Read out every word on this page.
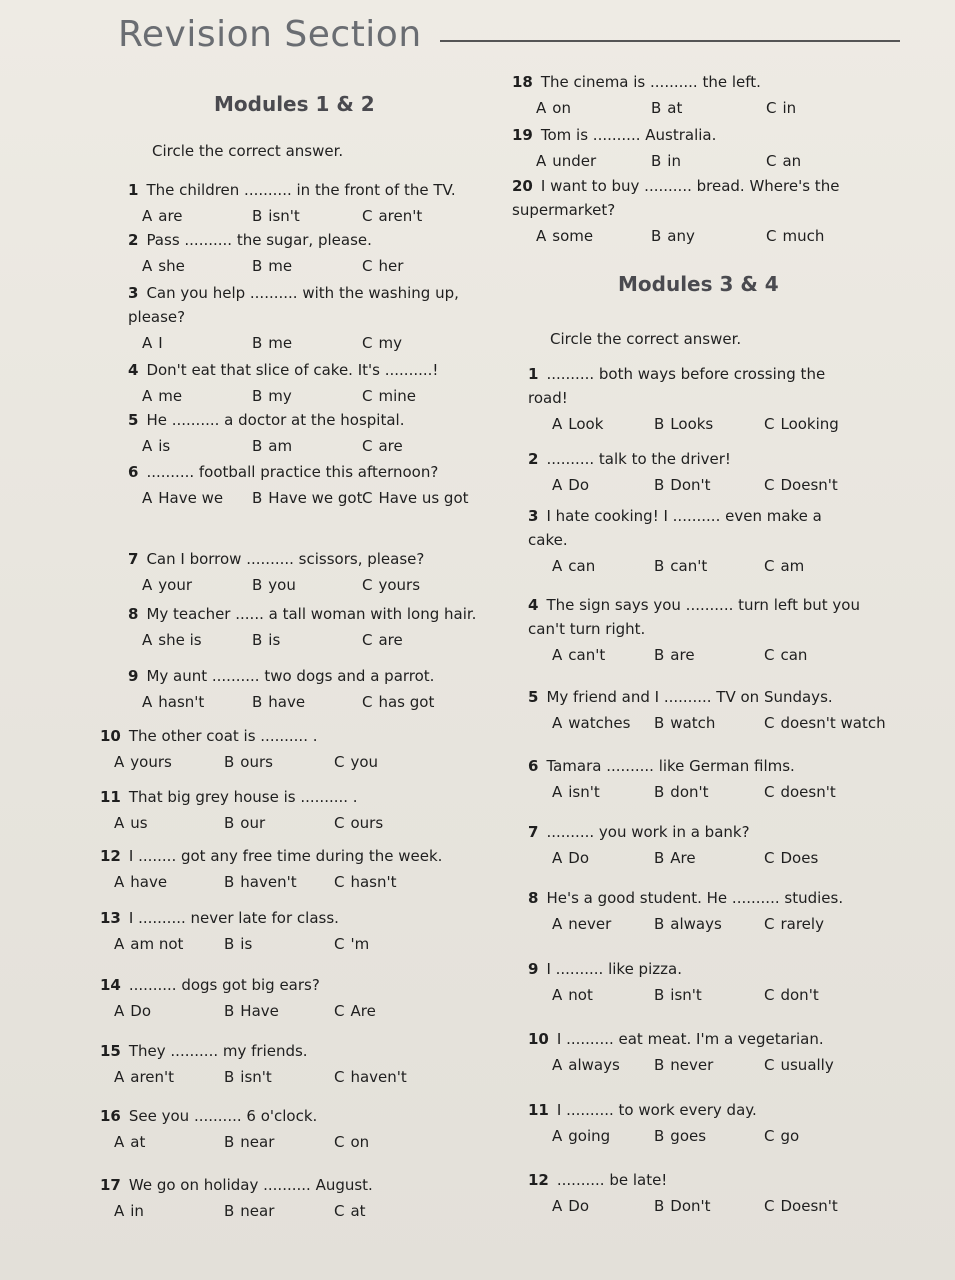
Revision Section
Modules 1 & 2
Circle the correct answer.
Modules 3 & 4
Circle the correct answer.
1 The children .......... in the front of the TV.
A are	B isn't	C aren't
2 Pass .......... the sugar, please.
A she	B me	C her
3 Can you help .......... with the washing up,
please?
A I	B me	C my
4 Don't eat that slice of cake. It's ..........!
A me	B my	C mine
5 He .......... a doctor at the hospital.
A is	B am	C are
6 .......... football practice this afternoon?
A Have we	B Have we got C Have us got
7 Can I borrow .......... scissors, please?
A your	B you	C yours
8 My teacher ...... a tall woman with long hair.
A she is	B is	C are
9 My aunt .......... two dogs and a parrot.
A hasn't	B have	C has got
10 The other coat is .......... .
A yours	B ours	C you
11 That big grey house is .......... .
A us	B our	C ours
12 I ........ got any free time during the week.
A have	B haven't	C hasn't
13 I .......... never late for class.
A am not	B is	C 'm
14 .......... dogs got big ears?
A Do	B Have	C Are
15 They .......... my friends.
A aren't	B isn't	C haven't
16 See you .......... 6 o'clock.
A at	B near	C on
17 We go on holiday .......... August.
A in	B near	C at
18 The cinema is .......... the left.
A on	B at	C in
19 Tom is .......... Australia.
A under	B in	C an
20 I want to buy .......... bread. Where's the
supermarket?
A some	B any	C much
1 .......... both ways before crossing the
road!
A Look	B Looks	C Looking
2 .......... talk to the driver!
A Do	B Don't	C Doesn't
3 I hate cooking! I .......... even make a
cake.
A can	B can't	C am
4 The sign says you .......... turn left but you
can't turn right.
A can't	B are	C can
5 My friend and I .......... TV on Sundays.
A watches	B watch	C doesn't watch
6 Tamara .......... like German films.
A isn't	B don't	C doesn't
7 .......... you work in a bank?
A Do	B Are	C Does
8 He's a good student. He .......... studies.
A never	B always	C rarely
9 I .......... like pizza.
A not	B isn't	C don't
10 I .......... eat meat. I'm a vegetarian.
A always	B never	C usually
11 I .......... to work every day.
A going	B goes	C go
12 .......... be late!
A Do	B Don't	C Doesn't
